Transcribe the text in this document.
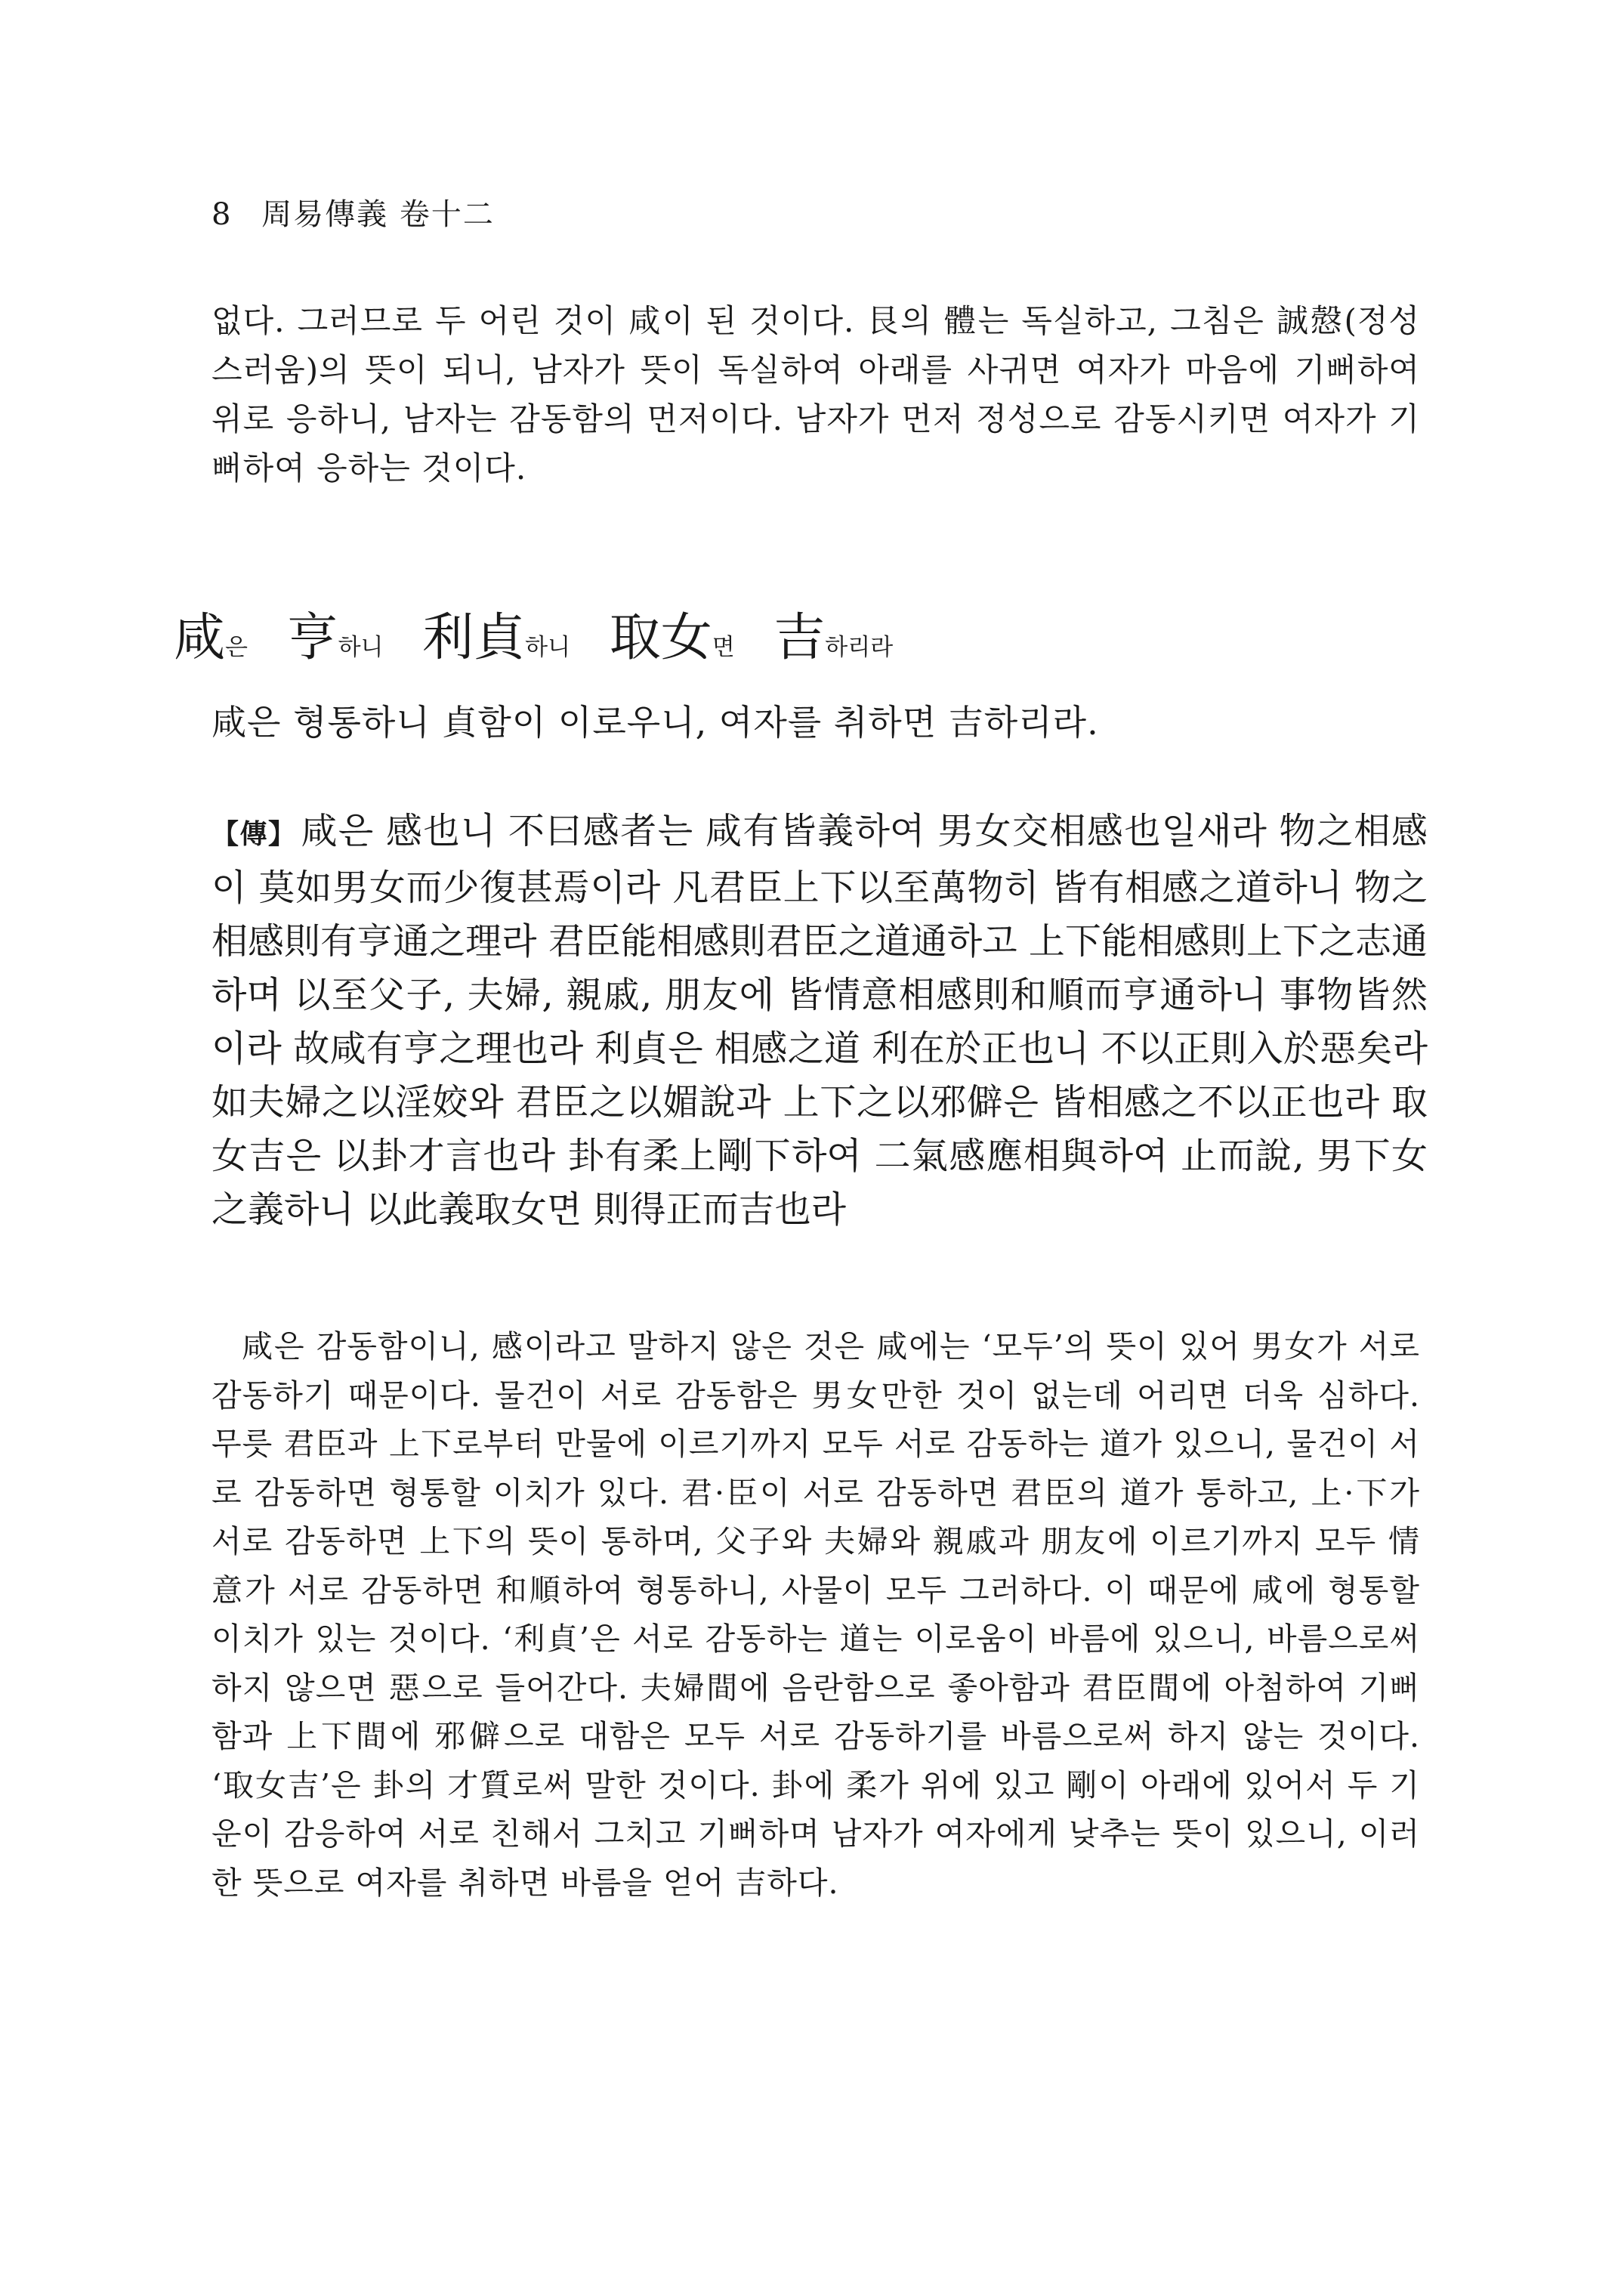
8 周易傳義 卷十二
없다. 그러므로 두 어린 것이 咸이 된 것이다. 艮의 體는 독실하고, 그침은 誠慤(정성스러움)의 뜻이 되니, 남자가 뜻이 독실하여 아래를 사귀면 여자가 마음에 기뻐하여 위로 응하니, 남자는 감동함의 먼저이다. 남자가 먼저 정성으로 감동시키면 여자가 기뻐하여 응하는 것이다.
咸은 亨하니 利貞하니 取女면 吉하리라
咸은 형통하니 貞함이 이로우니, 여자를 취하면 吉하리라.
【傳】 咸은 感也니 不曰感者는 咸有皆義하여 男女交相感也일새라 物之相感이 莫如男女而少復甚焉이라 凡君臣上下以至萬物히 皆有相感之道하니 物之相感則有亨通之理라 君臣能相感則君臣之道通하고 上下能相感則上下之志通하며 以至父子, 夫婦, 親戚, 朋友에 皆情意相感則和順而亨通하니 事物皆然이라 故咸有亨之理也라 利貞은 相感之道 利在於正也니 不以正則入於惡矣라 如夫婦之以淫姣와 君臣之以媚說과 上下之以邪僻은 皆相感之不以正也라 取女吉은 以卦才言也라 卦有柔上剛下하여 二氣感應相與하여 止而說, 男下女之義하니 以此義取女면 則得正而吉也라
咸은 감동함이니, 感이라고 말하지 않은 것은 咸에는 ‘모두’의 뜻이 있어 男女가 서로 감동하기 때문이다. 물건이 서로 감동함은 男女만한 것이 없는데 어리면 더욱 심하다. 무릇 君臣과 上下로부터 만물에 이르기까지 모두 서로 감동하는 道가 있으니, 물건이 서로 감동하면 형통할 이치가 있다. 君·臣이 서로 감동하면 君臣의 道가 통하고, 上·下가 서로 감동하면 上下의 뜻이 통하며, 父子와 夫婦와 親戚과 朋友에 이르기까지 모두 情意가 서로 감동하면 和順하여 형통하니, 사물이 모두 그러하다. 이 때문에 咸에 형통할 이치가 있는 것이다. ‘利貞’은 서로 감동하는 道는 이로움이 바름에 있으니, 바름으로써 하지 않으면 惡으로 들어간다. 夫婦間에 음란함으로 좋아함과 君臣間에 아첨하여 기뻐함과 上下間에 邪僻으로 대함은 모두 서로 감동하기를 바름으로써 하지 않는 것이다. ‘取女吉’은 卦의 才質로써 말한 것이다. 卦에 柔가 위에 있고 剛이 아래에 있어서 두 기운이 감응하여 서로 친해서 그치고 기뻐하며 남자가 여자에게 낮추는 뜻이 있으니, 이러한 뜻으로 여자를 취하면 바름을 얻어 吉하다.
